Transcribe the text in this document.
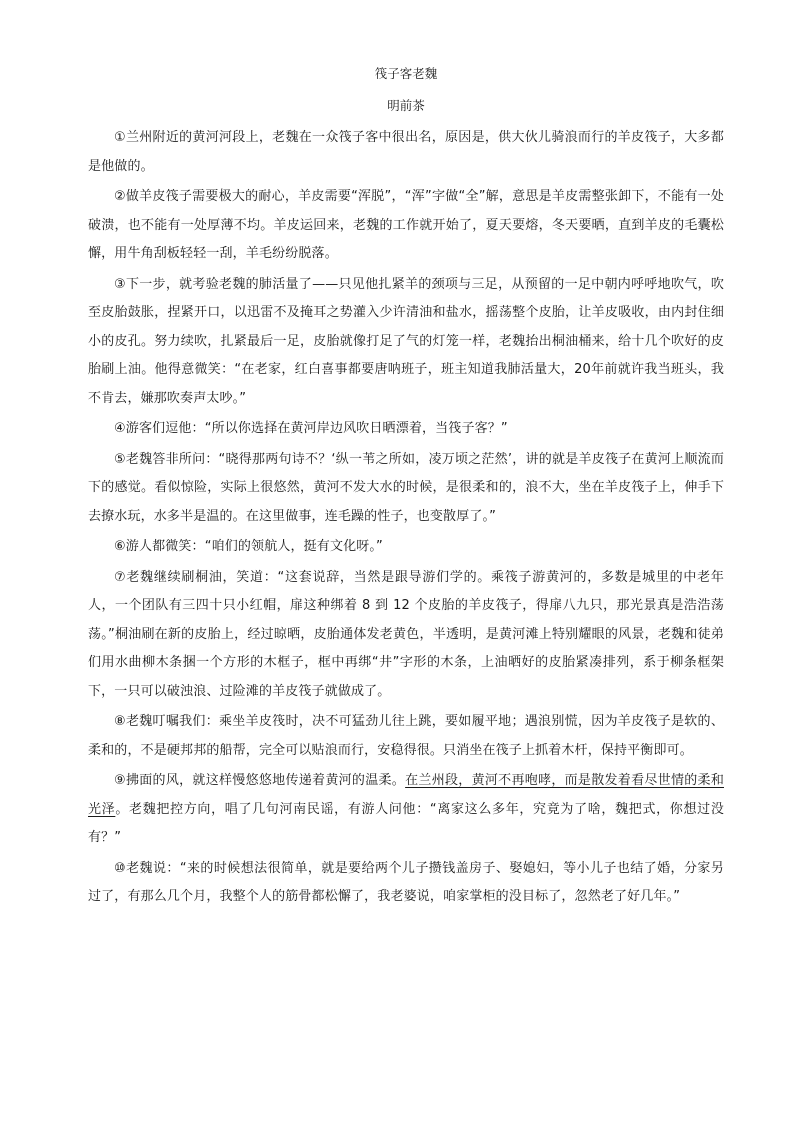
筏子客老魏
明前茶

①兰州附近的黄河河段上，老魏在一众筏子客中很出名，原因是，供大伙儿骑浪而行的羊皮筏子，大多都是他做的。

②做羊皮筏子需要极大的耐心，羊皮需要“浑脱”，“浑”字做“全”解，意思是羊皮需整张卸下，不能有一处破溃，也不能有一处厚薄不均。羊皮运回来，老魏的工作就开始了，夏天要熔，冬天要晒，直到羊皮的毛囊松懈，用牛角刮板轻轻一刮，羊毛纷纷脱落。

③下一步，就考验老魏的肺活量了——只见他扎紧羊的颈项与三足，从预留的一足中朝内呼呼地吹气，吹至皮胎鼓胀，捏紧开口，以迅雷不及掩耳之势灌入少许清油和盐水，摇荡整个皮胎，让羊皮吸收，由内封住细小的皮孔。努力续吹，扎紧最后一足，皮胎就像打足了气的灯笼一样，老魏抬出桐油桶来，给十几个吹好的皮胎刷上油。他得意微笑：“在老家，红白喜事都要唐呐班子，班主知道我肺活量大，20年前就许我当班头，我不肯去，嫌那吹奏声太吵。”

④游客们逗他：“所以你选择在黄河岸边风吹日晒漂着，当筏子客？”

⑤老魏答非所问：“晓得那两句诗不？‘纵一苇之所如，凌万顷之茫然’，讲的就是羊皮筏子在黄河上顺流而下的感觉。看似惊险，实际上很悠然，黄河不发大水的时候，是很柔和的，浪不大，坐在羊皮筏子上，伸手下去撩水玩，水多半是温的。在这里做事，连毛躁的性子，也变散厚了。”

⑥游人都微笑：“咱们的领航人，挺有文化呀。”

⑦老魏继续刷桐油，笑道：“这套说辞，当然是跟导游们学的。乘筏子游黄河的，多数是城里的中老年人，一个团队有三四十只小红帽，扉这种绑着 8 到 12 个皮胎的羊皮筏子，得扉八九只，那光景真是浩浩荡荡。”桐油刷在新的皮胎上，经过晾晒，皮胎通体发老黄色，半透明，是黄河滩上特别耀眼的风景，老魏和徒弟们用水曲柳木条捆一个方形的木框子，框中再绑“井”字形的木条，上油晒好的皮胎紧凑排列，系于柳条框架下，一只可以破浊浪、过险滩的羊皮筏子就做成了。

⑧老魏叮嘱我们：乘坐羊皮筏时，决不可猛劲儿往上跳，要如履平地；遇浪别慌，因为羊皮筏子是软的、柔和的，不是硬邦邦的船帮，完全可以贴浪而行，安稳得很。只消坐在筏子上抓着木杆，保持平衡即可。

⑨拂面的风，就这样慢悠悠地传递着黄河的温柔。在兰州段，黄河不再咆哮，而是散发着看尽世情的柔和光泽。老魏把控方向，唱了几句河南民谣，有游人问他：“离家这么多年，究竟为了啥，魏把式，你想过没有？”

⑩老魏说：“来的时候想法很简单，就是要给两个儿子攒钱盖房子、娶媳妇，等小儿子也结了婚，分家另过了，有那么几个月，我整个人的筋骨都松懈了，我老婆说，咱家掌柜的没目标了，忽然老了好几年。”
